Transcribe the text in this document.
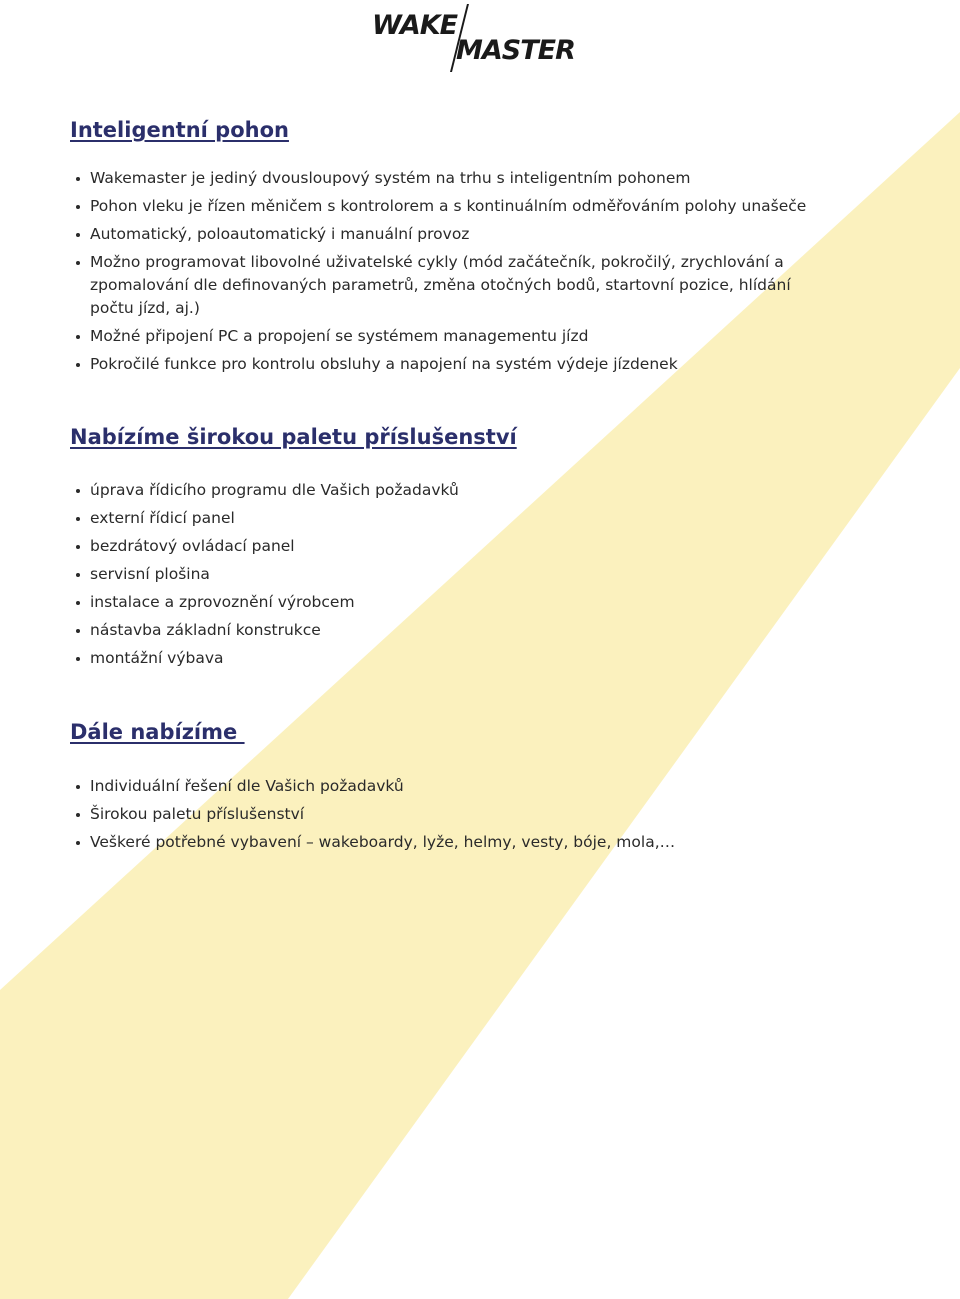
WAKE
MASTER
Inteligentní pohon
Wakemaster je jediný dvousloupový systém na trhu s inteligentním pohonem
Pohon vleku je řízen měničem s kontrolorem a s kontinuálním odměřováním polohy unašeče
Automatický, poloautomatický i manuální provoz
Možno programovat libovolné uživatelské cykly (mód začátečník, pokročilý, zrychlování a zpomalování dle definovaných parametrů, změna otočných bodů, startovní pozice, hlídání počtu jízd, aj.)
Možné připojení PC a propojení se systémem managementu jízd
Pokročilé funkce pro kontrolu obsluhy a napojení na systém výdeje jízdenek
Nabízíme širokou paletu příslušenství
úprava řídicího programu dle Vašich požadavků
externí řídicí panel
bezdrátový ovládací panel
servisní plošina
instalace a zprovoznění výrobcem
nástavba základní konstrukce
montážní výbava
Dále nabízíme
Individuální řešení dle Vašich požadavků
Širokou paletu příslušenství
Veškeré potřebné vybavení – wakeboardy, lyže, helmy, vesty, bóje, mola,…
